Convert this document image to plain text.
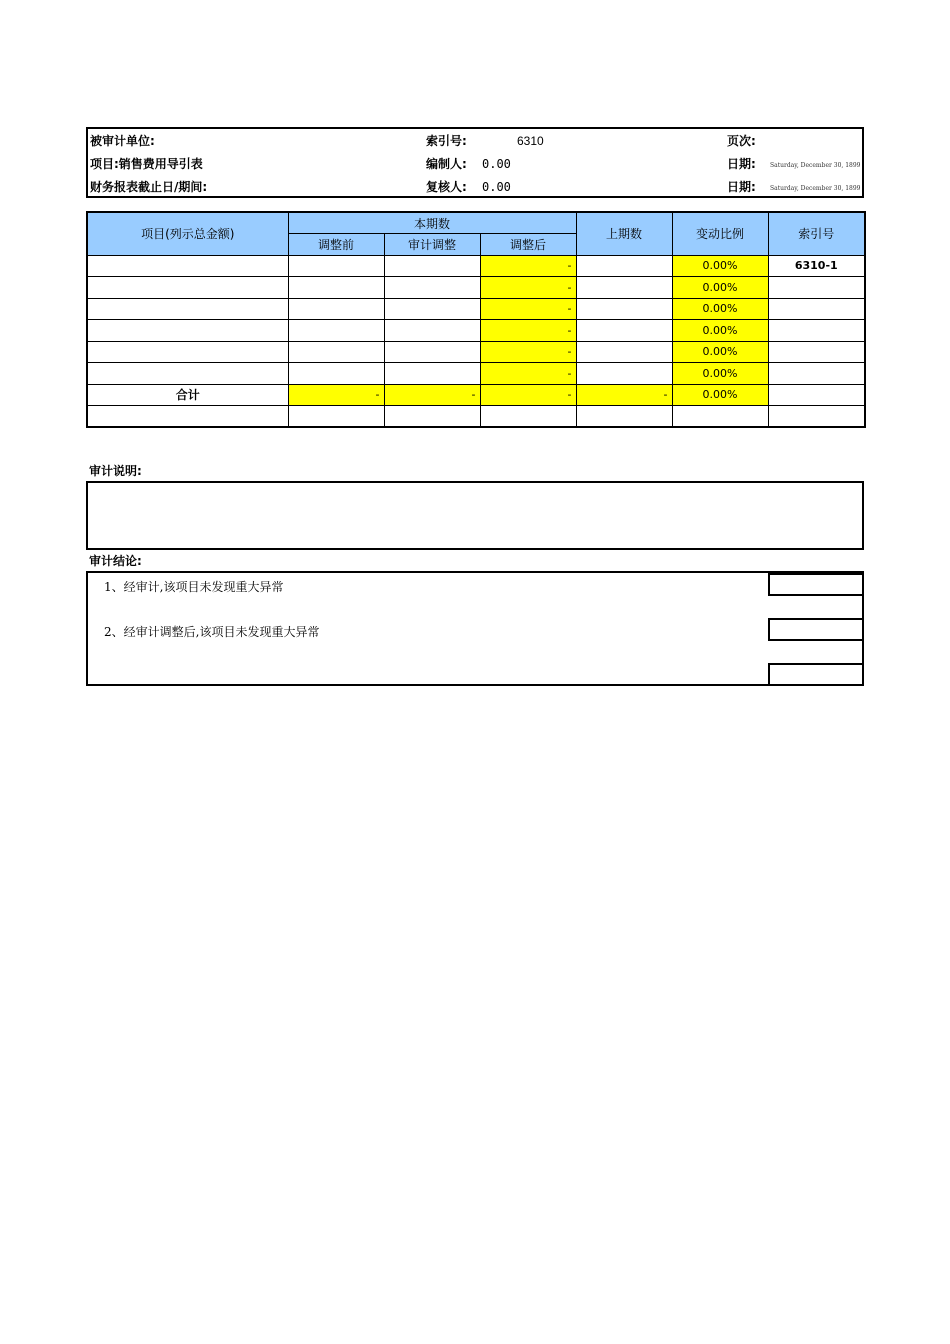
被审计单位:	索引号:	6310	页次:
项目:销售费用导引表	编制人: 0.00	日期: Saturday, December 30, 1899
财务报表截止日/期间:	复核人: 0.00	日期: Saturday, December 30, 1899
项目(列示总金额)	本期数			上期数	变动比例	索引号
	调整前	审计调整	调整后			
			-		0.00%	6310-1
			-		0.00%	
			-		0.00%	
			-		0.00%	
			-		0.00%	
			-		0.00%	
合计	-	-	-	-	0.00%	

审计说明:
审计结论:
1、经审计,该项目未发现重大异常
2、经审计调整后,该项目未发现重大异常
